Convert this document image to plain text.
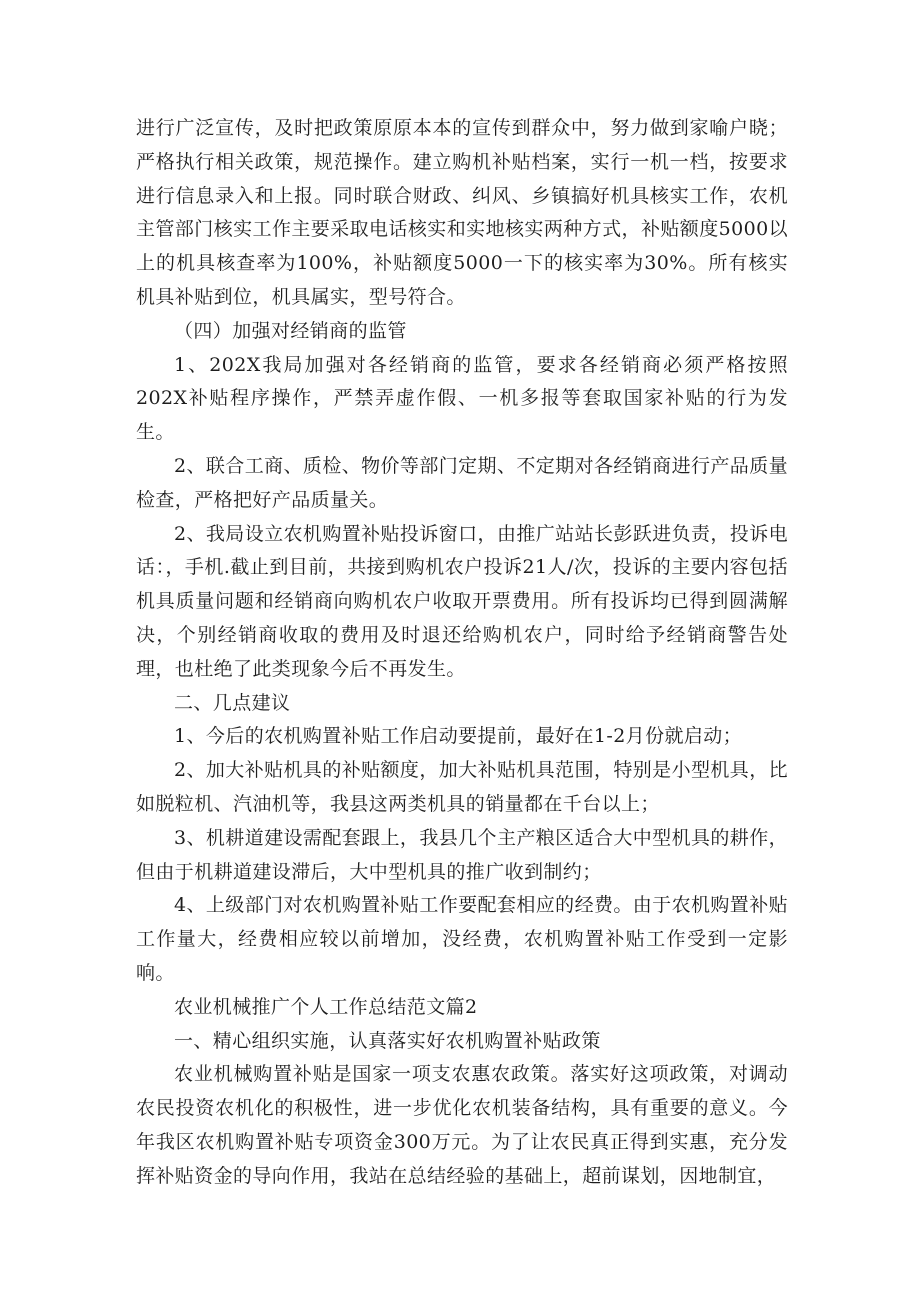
进行广泛宣传，及时把政策原原本本的宣传到群众中，努力做到家喻户晓；严格执行相关政策，规范操作。建立购机补贴档案，实行一机一档，按要求进行信息录入和上报。同时联合财政、纠风、乡镇搞好机具核实工作，农机主管部门核实工作主要采取电话核实和实地核实两种方式，补贴额度5000以上的机具核查率为100%，补贴额度5000一下的核实率为30%。所有核实机具补贴到位，机具属实，型号符合。

（四）加强对经销商的监管

1、202X我局加强对各经销商的监管，要求各经销商必须严格按照202X补贴程序操作，严禁弄虚作假、一机多报等套取国家补贴的行为发生。

2、联合工商、质检、物价等部门定期、不定期对各经销商进行产品质量检查，严格把好产品质量关。

2、我局设立农机购置补贴投诉窗口，由推广站站长彭跃进负责，投诉电话：，手机.截止到目前，共接到购机农户投诉21人/次，投诉的主要内容包括机具质量问题和经销商向购机农户收取开票费用。所有投诉均已得到圆满解决，个别经销商收取的费用及时退还给购机农户，同时给予经销商警告处理，也杜绝了此类现象今后不再发生。

二、几点建议

1、今后的农机购置补贴工作启动要提前，最好在1-2月份就启动；

2、加大补贴机具的补贴额度，加大补贴机具范围，特别是小型机具，比如脱粒机、汽油机等，我县这两类机具的销量都在千台以上；

3、机耕道建设需配套跟上，我县几个主产粮区适合大中型机具的耕作，但由于机耕道建设滞后，大中型机具的推广收到制约；

4、上级部门对农机购置补贴工作要配套相应的经费。由于农机购置补贴工作量大，经费相应较以前增加，没经费，农机购置补贴工作受到一定影响。

农业机械推广个人工作总结范文篇2

一、精心组织实施，认真落实好农机购置补贴政策

农业机械购置补贴是国家一项支农惠农政策。落实好这项政策，对调动农民投资农机化的积极性，进一步优化农机装备结构，具有重要的意义。今年我区农机购置补贴专项资金300万元。为了让农民真正得到实惠，充分发挥补贴资金的导向作用，我站在总结经验的基础上，超前谋划，因地制宜，
